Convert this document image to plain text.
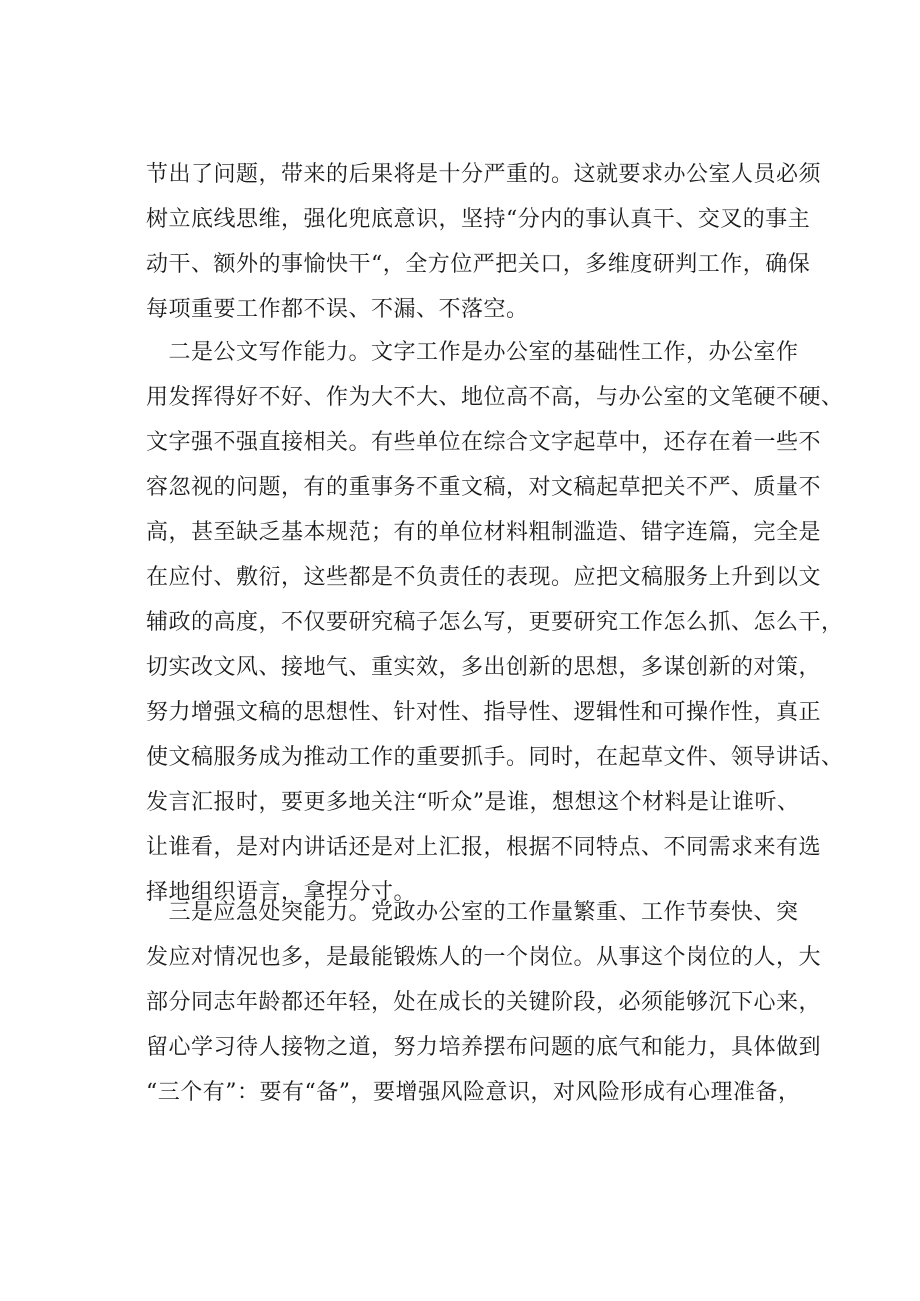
节出了问题，带来的后果将是十分严重的。这就要求办公室人员必须
树立底线思维，强化兜底意识，坚持“分内的事认真干、交叉的事主
动干、额外的事愉快干“，全方位严把关口，多维度研判工作，确保
每项重要工作都不误、不漏、不落空。
　二是公文写作能力。文字工作是办公室的基础性工作，办公室作
用发挥得好不好、作为大不大、地位高不高，与办公室的文笔硬不硬、
文字强不强直接相关。有些单位在综合文字起草中，还存在着一些不
容忽视的问题，有的重事务不重文稿，对文稿起草把关不严、质量不
高，甚至缺乏基本规范；有的单位材料粗制滥造、错字连篇，完全是
在应付、敷衍，这些都是不负责任的表现。应把文稿服务上升到以文
辅政的高度，不仅要研究稿子怎么写，更要研究工作怎么抓、怎么干，
切实改文风、接地气、重实效，多出创新的思想，多谋创新的对策，
努力增强文稿的思想性、针对性、指导性、逻辑性和可操作性，真正
使文稿服务成为推动工作的重要抓手。同时，在起草文件、领导讲话、
发言汇报时，要更多地关注“听众”是谁，想想这个材料是让谁听、
让谁看，是对内讲话还是对上汇报，根据不同特点、不同需求来有选
择地组织语言，拿捏分寸。
　三是应急处突能力。党政办公室的工作量繁重、工作节奏快、突
发应对情况也多，是最能锻炼人的一个岗位。从事这个岗位的人，大
部分同志年龄都还年轻，处在成长的关键阶段，必须能够沉下心来，
留心学习待人接物之道，努力培养摆布问题的底气和能力，具体做到
“三个有”：要有“备”，要增强风险意识，对风险形成有心理准备，
